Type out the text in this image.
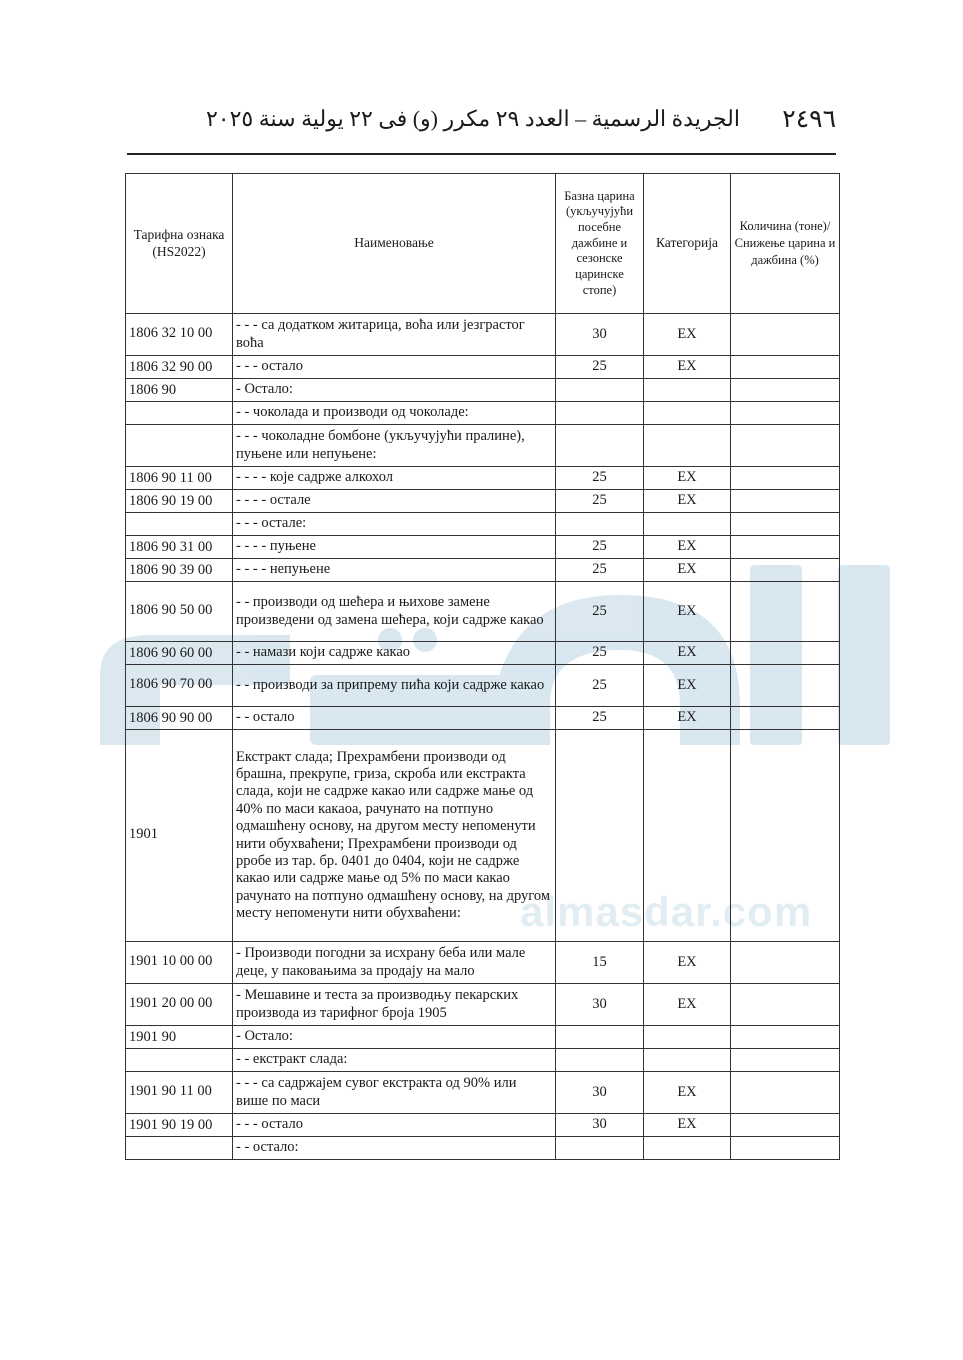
almasdar.com
٢٤٩٦
الجريدة الرسمية – العدد ٢٩ مكرر (و) فى ٢٢ يولية سنة ٢٠٢٥
Тарифна ознака (HS2022)	Наименовање	Базна царина (укључујући посебне дажбине и сезонске царинске стопе)	Категорија	Количина (тоне)/ Снижење царина и дажбина (%)
1806 32 10 00	- - - са додатком житарица, воћа или језграстог воћа	30	EX	
1806 32 90 00	- - - остало	25	EX	
1806 90	- Остало:			
	- - чоколада и производи од чоколаде:			
	- - - чоколадне бомбоне (укључујући пралине), пуњене или непуњене:			
1806 90 11 00	- - - - које садрже алкохол	25	EX	
1806 90 19 00	- - - - остале	25	EX	
	- - - остале:			
1806 90 31 00	- - - - пуњене	25	EX	
1806 90 39 00	- - - - непуњене	25	EX	
1806 90 50 00	- - производи од шећера и њихове замене произведени од замена шећера, који садрже какао	25	EX	
1806 90 60 00	- - намази који садрже какао	25	EX	
1806 90 70 00	- - производи за припрему пића који садрже какао	25	EX	
1806 90 90 00	- - остало	25	EX	
1901	Екстракт слада; Прехрамбени производи од брашна, прекрупе, гриза, скроба или екстракта слада, који не садрже какао или садрже мање од 40% по маси какаоа, рачунато на потпуно одмашћену основу, на другом месту непоменути нити обухваћени; Прехрамбени производи од рробе из тар. бр. 0401 до 0404, који не садрже какао или садрже мање од 5% по маси какао рачунато на потпуно одмашћену основу, на другом месту непоменути нити обухваћени:			
1901 10 00 00	- Производи погодни за исхрану беба или мале деце, у паковањима за продају на мало	15	EX	
1901 20 00 00	- Мешавине и теста за производњу пекарских производа из тарифног броја 1905	30	EX	
1901 90	- Остало:			
	- - екстракт слада:			
1901 90 11 00	- - - са садржајем сувог екстракта од 90% или више по маси	30	EX	
1901 90 19 00	- - - остало	30	EX	
	- - остало:			
